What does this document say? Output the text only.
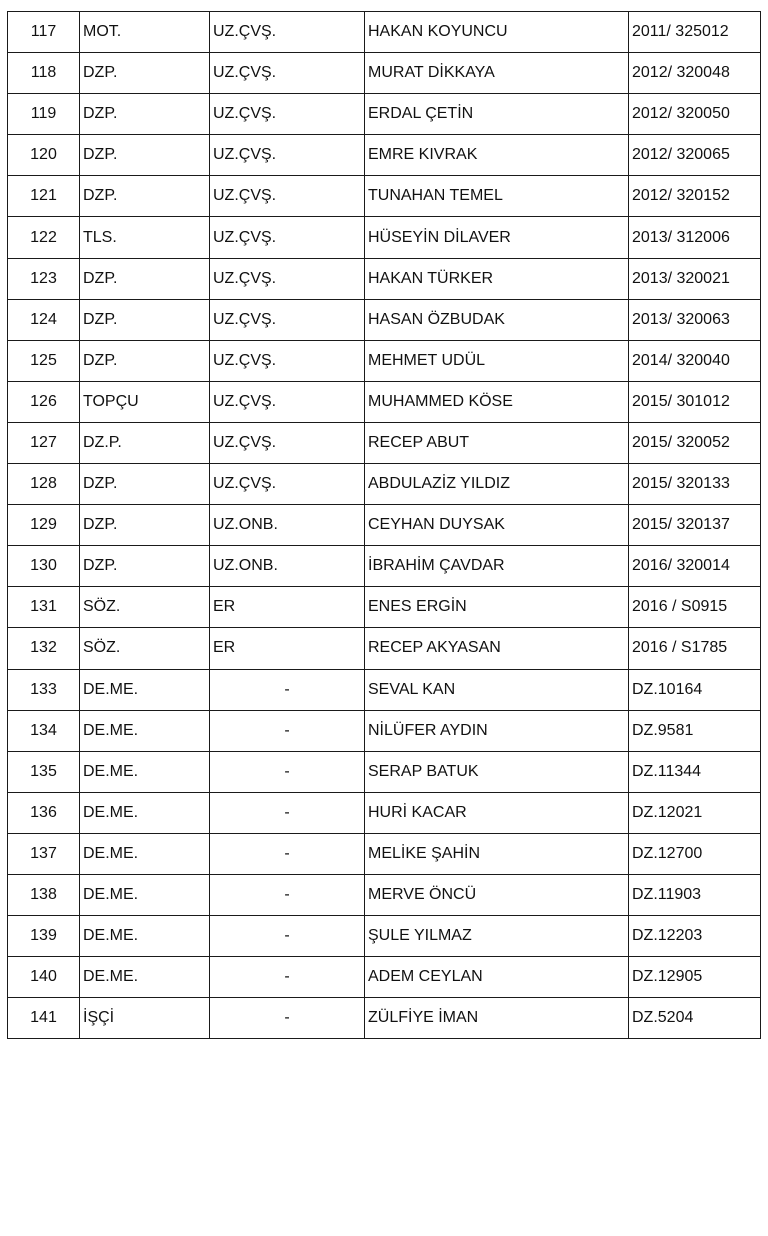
117	MOT.	UZ.ÇVŞ.	HAKAN KOYUNCU	2011/ 325012
118	DZP.	UZ.ÇVŞ.	MURAT DİKKAYA	2012/ 320048
119	DZP.	UZ.ÇVŞ.	ERDAL ÇETİN	2012/ 320050
120	DZP.	UZ.ÇVŞ.	EMRE KIVRAK	2012/ 320065
121	DZP.	UZ.ÇVŞ.	TUNAHAN TEMEL	2012/ 320152
122	TLS.	UZ.ÇVŞ.	HÜSEYİN DİLAVER	2013/ 312006
123	DZP.	UZ.ÇVŞ.	HAKAN TÜRKER	2013/ 320021
124	DZP.	UZ.ÇVŞ.	HASAN ÖZBUDAK	2013/ 320063
125	DZP.	UZ.ÇVŞ.	MEHMET UDÜL	2014/ 320040
126	TOPÇU	UZ.ÇVŞ.	MUHAMMED KÖSE	2015/ 301012
127	DZ.P.	UZ.ÇVŞ.	RECEP ABUT	2015/ 320052
128	DZP.	UZ.ÇVŞ.	ABDULAZİZ YILDIZ	2015/ 320133
129	DZP.	UZ.ONB.	CEYHAN DUYSAK	2015/ 320137
130	DZP.	UZ.ONB.	İBRAHİM ÇAVDAR	2016/ 320014
131	SÖZ.	ER	ENES ERGİN	2016 / S0915
132	SÖZ.	ER	RECEP AKYASAN	2016 / S1785
133	DE.ME.	-	SEVAL KAN	DZ.10164
134	DE.ME.	-	NİLÜFER AYDIN	DZ.9581
135	DE.ME.	-	SERAP BATUK	DZ.11344
136	DE.ME.	-	HURİ KACAR	DZ.12021
137	DE.ME.	-	MELİKE ŞAHİN	DZ.12700
138	DE.ME.	-	MERVE ÖNCÜ	DZ.11903
139	DE.ME.	-	ŞULE YILMAZ	DZ.12203
140	DE.ME.	-	ADEM CEYLAN	DZ.12905
141	İŞÇİ	-	ZÜLFİYE İMAN	DZ.5204
